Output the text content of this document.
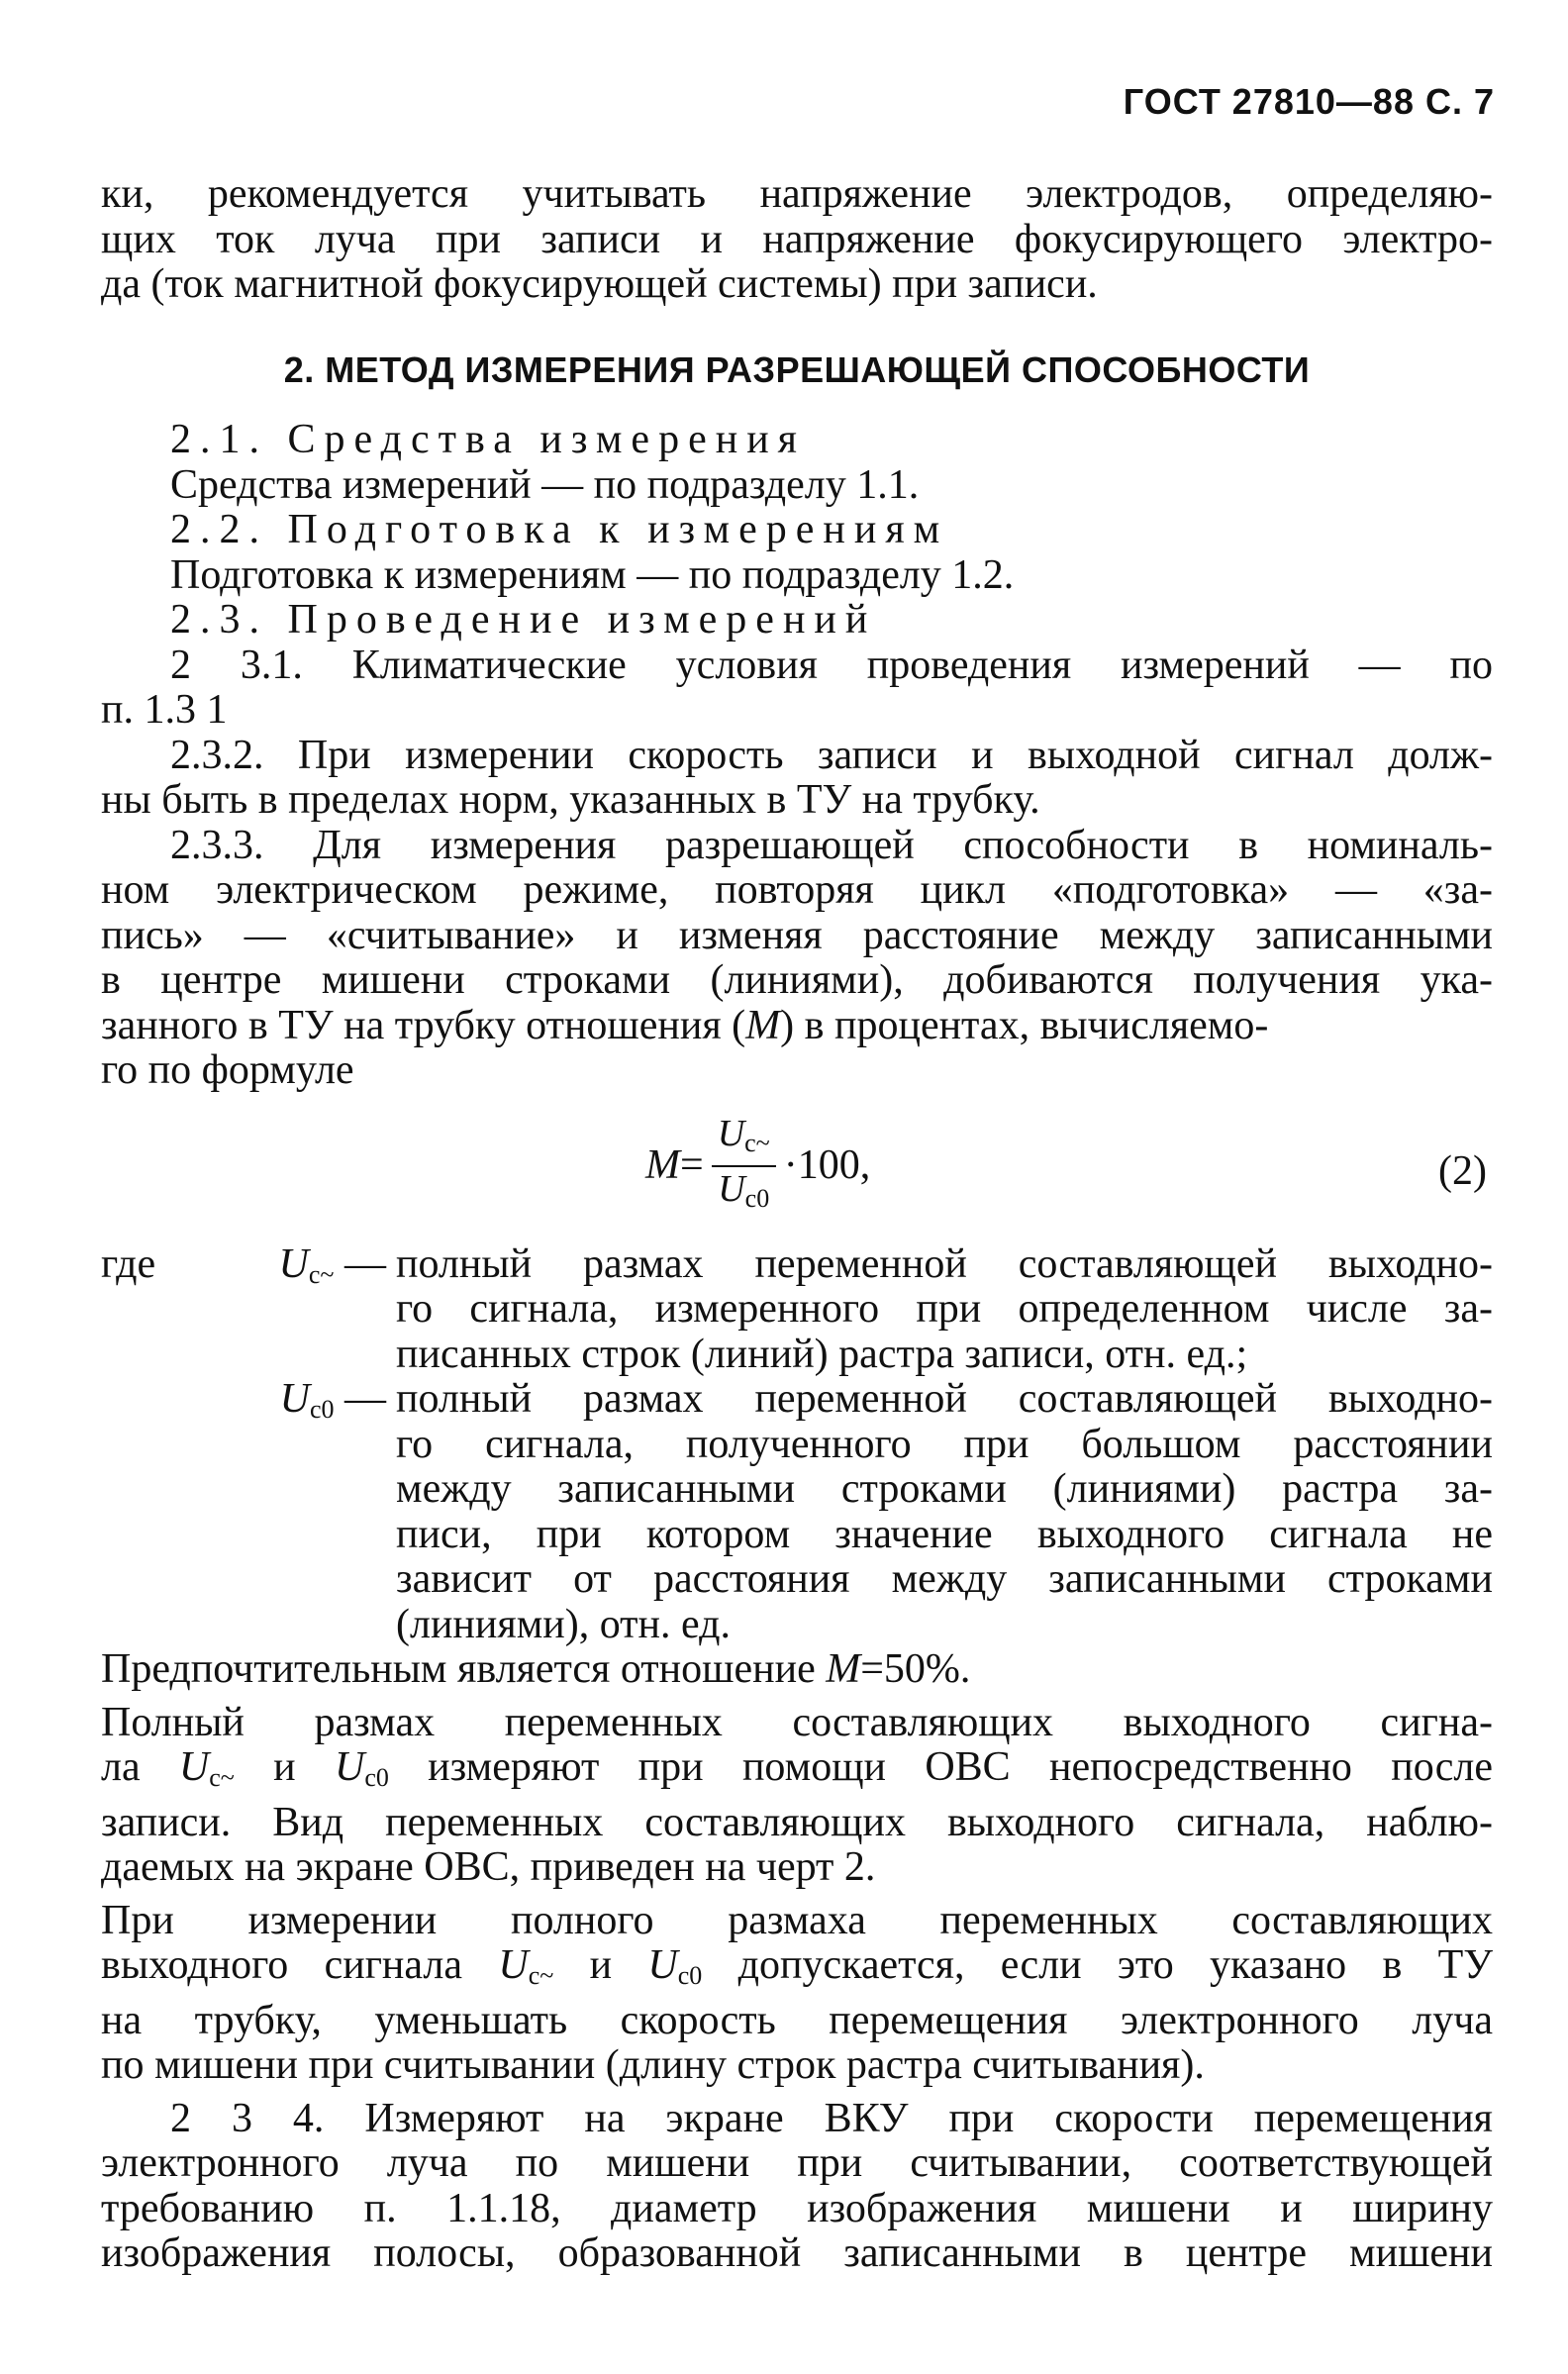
ГОСТ 27810—88 С. 7
ки, рекомендуется учитывать напряжение электродов, определяю-
щих ток луча при записи и напряжение фокусирующего электро-
да (ток магнитной фокусирующей системы) при записи.
2. МЕТОД ИЗМЕРЕНИЯ РАЗРЕШАЮЩЕЙ СПОСОБНОСТИ
2.1. Средства измерения
Средства измерений — по подразделу 1.1.
2.2. Подготовка к измерениям
Подготовка к измерениям — по подразделу 1.2.
2.3. Проведение измерений
2 3.1. Климатические условия проведения измерений — по
п. 1.3 1
2.3.2. При измерении скорость записи и выходной сигнал долж-
ны быть в пределах норм, указанных в ТУ на трубку.
2.3.3. Для измерения разрешающей способности в номиналь-
ном электрическом режиме, повторяя цикл «подготовка» — «за-
пись» — «считывание» и изменяя расстояние между записанными
в центре мишени строками (линиями), добиваются получения ука-
занного в ТУ на трубку отношения (М) в процентах, вычисляемо-
го по формуле
$М = \frac{U_{c\sim}}{U_{c0}} \cdot 100$,	(2)
где	$U_{c\sim}$ — полный размах переменной составляющей выходно-
го сигнала, измеренного при определенном числе за-
писанных строк (линий) растра записи, отн. ед.;
$U_{c0}$ — полный размах переменной составляющей выходно-
го сигнала, полученного при большом расстоянии
между записанными строками (линиями) растра за-
писи, при котором значение выходного сигнала не
зависит от расстояния между записанными строками
(линиями), отн. ед.
Предпочтительным является отношение М=50%.
Полный размах переменных составляющих выходного сигна-
ла $U_{c\sim}$ и $U_{c0}$ измеряют при помощи ОВС непосредственно после
записи. Вид переменных составляющих выходного сигнала, наблю-
даемых на экране ОВС, приведен на черт 2.
При измерении полного размаха переменных составляющих
выходного сигнала $U_{c\sim}$ и $U_{c0}$ допускается, если это указано в ТУ
на трубку, уменьшать скорость перемещения электронного луча
по мишени при считывании (длину строк растра считывания).
2 3 4. Измеряют на экране ВКУ при скорости перемещения
электронного луча по мишени при считывании, соответствующей
требованию п. 1.1.18, диаметр изображения мишени и ширину
изображения полосы, образованной записанными в центре мишени
